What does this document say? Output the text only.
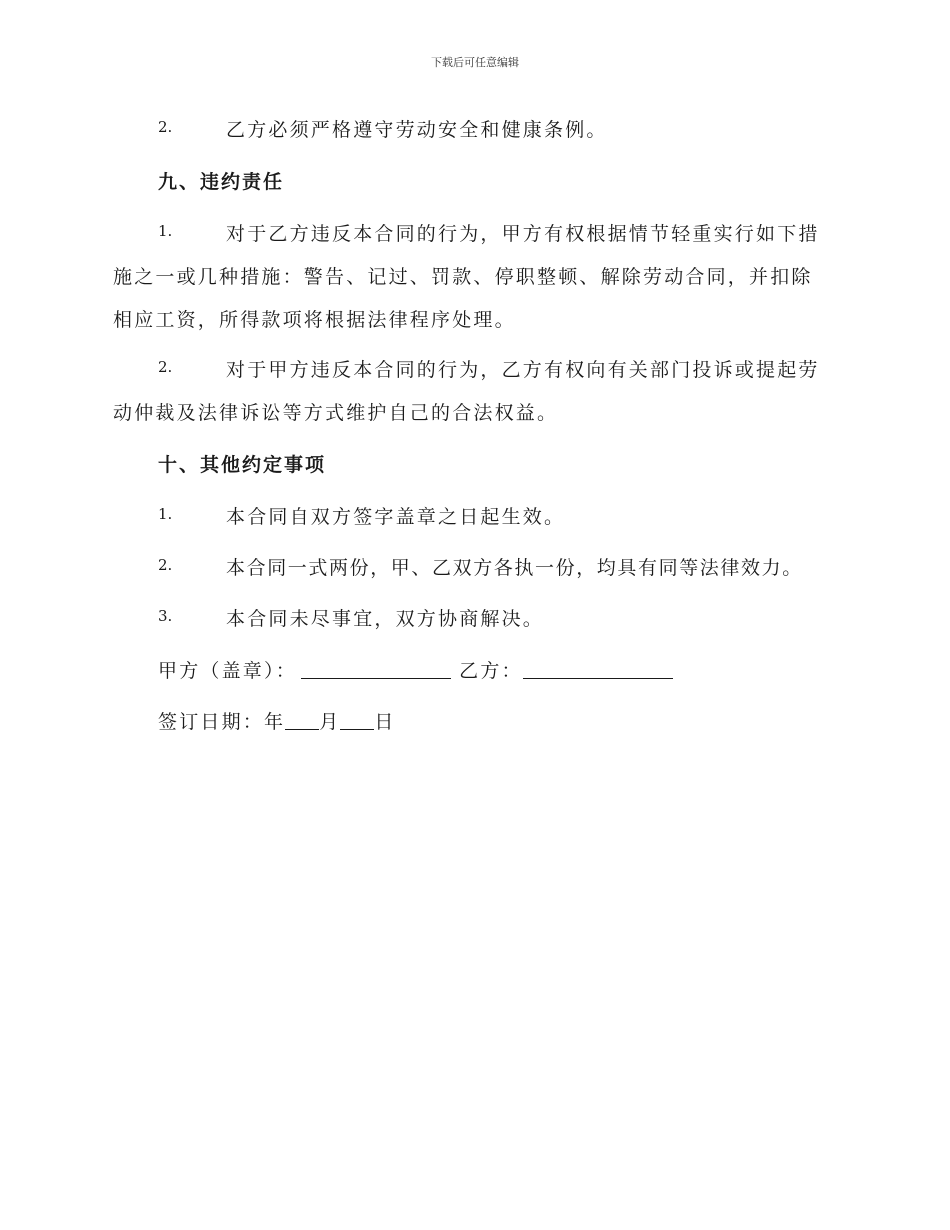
下载后可任意编辑
2.	乙方必须严格遵守劳动安全和健康条例。
九、违约责任
1.	对于乙方违反本合同的行为，甲方有权根据情节轻重实行如下措
施之一或几种措施：警告、记过、罚款、停职整顿、解除劳动合同，并扣除
相应工资，所得款项将根据法律程序处理。
2.	对于甲方违反本合同的行为，乙方有权向有关部门投诉或提起劳
动仲裁及法律诉讼等方式维护自己的合法权益。
十、其他约定事项
1.	本合同自双方签字盖章之日起生效。
2.	本合同一式两份，甲、乙双方各执一份，均具有同等法律效力。
3.	本合同未尽事宜，双方协商解决。
甲方（盖章）：	乙方：
签订日期：年 月 日
